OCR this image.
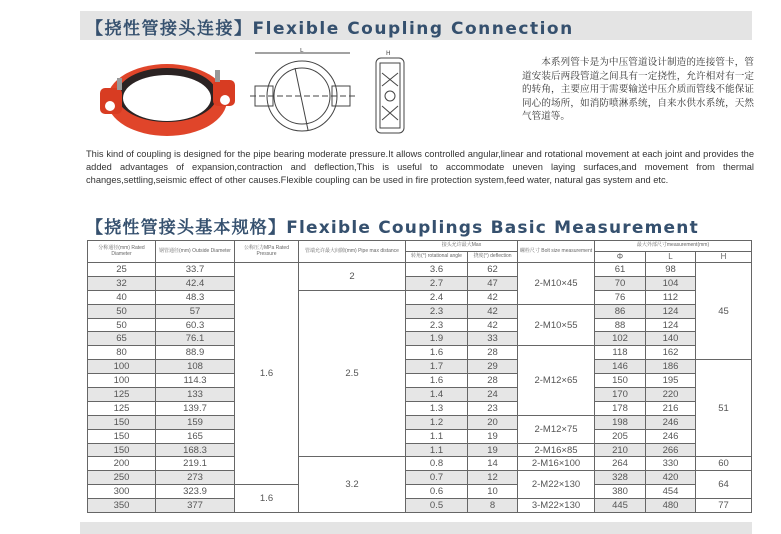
【挠性管接头连接】Flexible Coupling Connection
L	H
本系列管卡是为中压管道设计制造的连接管卡，管道安装后两段管道之间具有一定挠性，允许相对有一定的转角，主要应用于需要输送中压介质而管线不能保证同心的场所，如消防喷淋系统，自来水供水系统，天然气管道等。
This kind of coupling is designed for the pipe bearing moderate pressure.It allows controlled angular,linear and rotational movement at each joint and provides the added advantages of expansion,contraction and deflection,This is useful to accommodate uneven laying surfaces,and movement from thermal changes,settling,seismic effect of other causes.Flexible coupling can be used in fire protection system,feed water, natural gas system and etc.
【挠性管接头基本规格】Flexible Couplings Basic Measurement
分称通径(mm) Rated Diameter	钢管通径(mm) Outside Diameter	公称压力MPa Rated Pressure	管端允许最大间隙(mm) Pipe max distance	接头允许最大Max		螺栓尺寸 Bolt size measurement	最大外部尺寸measurement(mm)		
				转角(°) rotational angle	挠度(°) deflection		Φ	L	H
25	33.7	1.6	2	3.6	62	2-M10×45	61	98	45
32	42.4			2.7	47		70	104	
40	48.3		2.5	2.4	42		76	112	
50	57			2.3	42	2-M10×55	86	124	
50	60.3			2.3	42		88	124	
65	76.1			1.9	33		102	140	
80	88.9			1.6	28	2-M12×65	118	162	
100	108			1.7	29		146	186	51
100	114.3			1.6	28		150	195	
125	133			1.4	24		170	220	
125	139.7			1.3	23		178	216	
150	159			1.2	20	2-M12×75	198	246	
150	165			1.1	19		205	246	
150	168.3			1.1	19	2-M16×85	210	266	
200	219.1		3.2	0.8	14	2-M16×100	264	330	60
250	273			0.7	12	2-M22×130	328	420	64
300	323.9	1.6		0.6	10		380	454	
350	377			0.5	8	3-M22×130	445	480	77
